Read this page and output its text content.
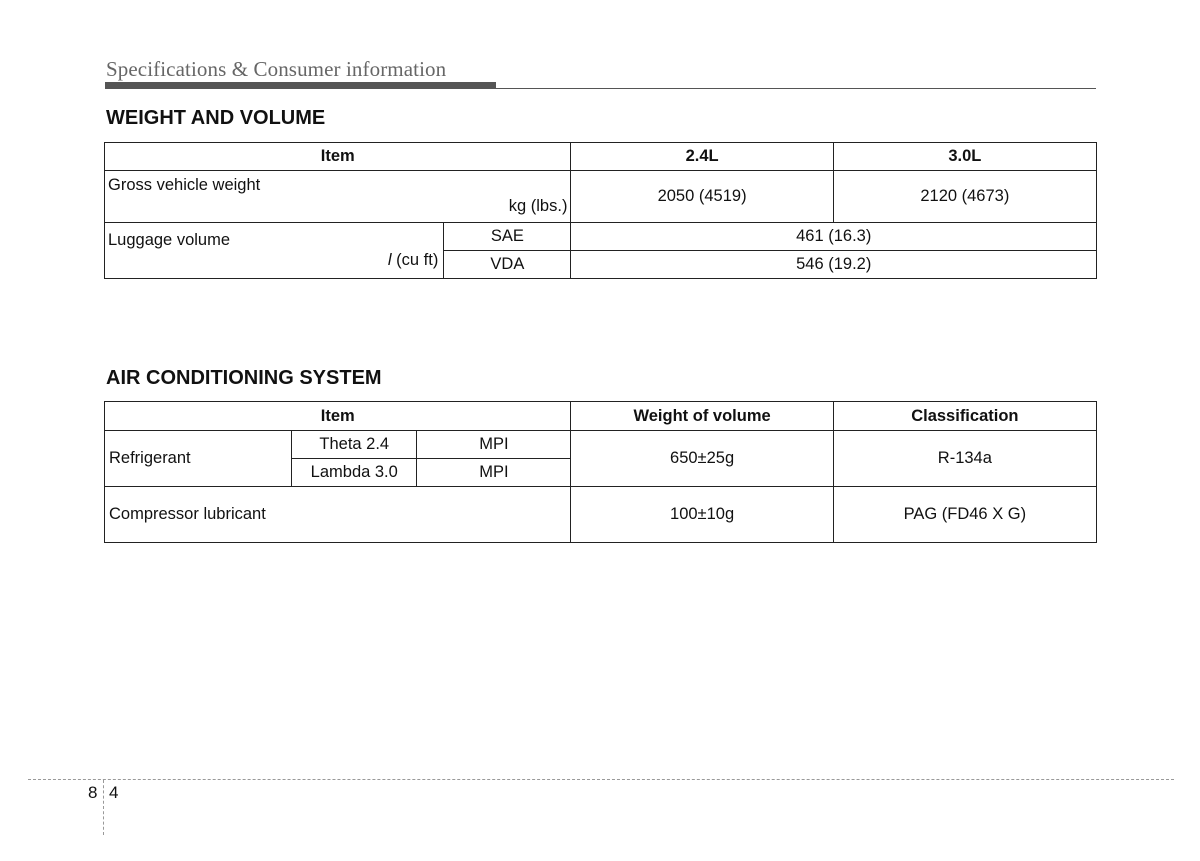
Specifications & Consumer information
WEIGHT AND VOLUME
Item		2.4L	3.0L

Gross vehicle weight
kg (lbs.)		2050 (4519)	2120 (4673)

Luggage volume
l (cu ft)	SAE	461 (16.3)	
	VDA	546 (19.2)	
AIR CONDITIONING SYSTEM
Item			Weight of volume	Classification
Refrigerant	Theta 2.4	MPI	650±25g	R-134a
	Lambda 3.0	MPI		
Compressor lubricant			100±10g	PAG (FD46 X G)
8 4
